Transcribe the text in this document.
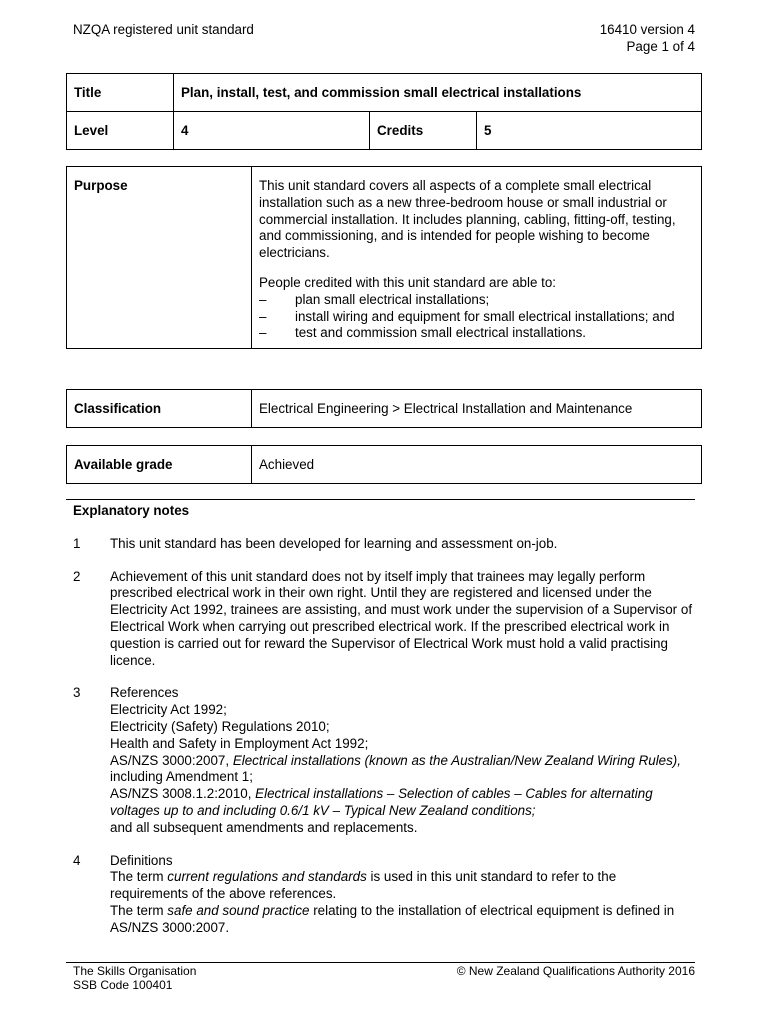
NZQA registered unit standard	16410 version 4
Page 1 of 4
Title	Plan, install, test, and commission small electrical installations		
Level	4	Credits	5
Purpose	This unit standard covers all aspects of a complete small electrical installation such as a new three-bedroom house or small industrial or commercial installation. It includes planning, cabling, fitting-off, testing, and commissioning, and is intended for people wishing to become electricians.

People credited with this unit standard are able to:
–	plan small electrical installations;
–	install wiring and equipment for small electrical installations; and
–	test and commission small electrical installations.
Classification	Electrical Engineering > Electrical Installation and Maintenance
Available grade	Achieved
Explanatory notes
1	This unit standard has been developed for learning and assessment on-job.
2	Achievement of this unit standard does not by itself imply that trainees may legally perform prescribed electrical work in their own right. Until they are registered and licensed under the Electricity Act 1992, trainees are assisting, and must work under the supervision of a Supervisor of Electrical Work when carrying out prescribed electrical work. If the prescribed electrical work in question is carried out for reward the Supervisor of Electrical Work must hold a valid practising licence.
3	References
Electricity Act 1992;
Electricity (Safety) Regulations 2010;
Health and Safety in Employment Act 1992;
AS/NZS 3000:2007, Electrical installations (known as the Australian/New Zealand Wiring Rules), including Amendment 1;
AS/NZS 3008.1.2:2010, Electrical installations – Selection of cables – Cables for alternating voltages up to and including 0.6/1 kV – Typical New Zealand conditions;
and all subsequent amendments and replacements.
4	Definitions
The term current regulations and standards is used in this unit standard to refer to the requirements of the above references.
The term safe and sound practice relating to the installation of electrical equipment is defined in AS/NZS 3000:2007.
The Skills Organisation
SSB Code 100401
© New Zealand Qualifications Authority 2016
